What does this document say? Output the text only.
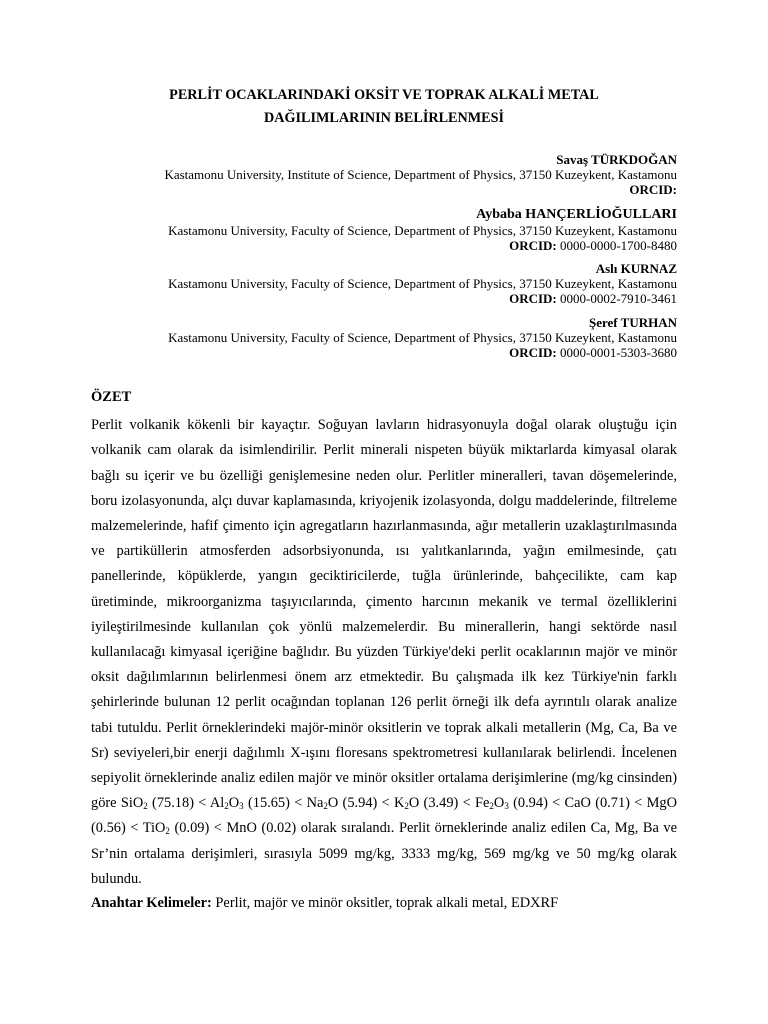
PERLİT OCAKLARINDAKİ OKSİT VE TOPRAK ALKALİ METAL

DAĞILIMLARININ BELİRLENMESİ

Savaş TÜRKDOĞAN

Kastamonu University, Institute of Science, Department of Physics, 37150 Kuzeykent, Kastamonu

ORCID:

Aybaba HANÇERLİOĞULLARI

Kastamonu University, Faculty of Science, Department of Physics, 37150 Kuzeykent, Kastamonu

ORCID: 0000-0000-1700-8480

Aslı KURNAZ

Kastamonu University, Faculty of Science, Department of Physics, 37150 Kuzeykent, Kastamonu

ORCID: 0000-0002-7910-3461

Şeref TURHAN

Kastamonu University, Faculty of Science, Department of Physics, 37150 Kuzeykent, Kastamonu

ORCID: 0000-0001-5303-3680

ÖZET

Perlit volkanik kökenli bir kayaçtır. Soğuyan lavların hidrasyonuyla doğal olarak oluştuğu için volkanik cam olarak da isimlendirilir. Perlit minerali nispeten büyük miktarlarda kimyasal olarak bağlı su içerir ve bu özelliği genişlemesine neden olur. Perlitler mineralleri, tavan döşemelerinde, boru izolasyonunda, alçı duvar kaplamasında, kriyojenik izolasyonda, dolgu maddelerinde, filtreleme malzemelerinde, hafif çimento için agregatların hazırlanmasında, ağır metallerin uzaklaştırılmasında ve partiküllerin atmosferden adsorbsiyonunda, ısı yalıtkanlarında, yağın emilmesinde, çatı panellerinde, köpüklerde, yangın geciktiricilerde, tuğla ürünlerinde, bahçecilikte, cam kap üretiminde, mikroorganizma taşıyıcılarında, çimento harcının mekanik ve termal özelliklerini iyileştirilmesinde kullanılan çok yönlü malzemelerdir. Bu minerallerin, hangi sektörde nasıl kullanılacağı kimyasal içeriğine bağlıdır. Bu yüzden Türkiye'deki perlit ocaklarının majör ve minör oksit dağılımlarının belirlenmesi önem arz etmektedir. Bu çalışmada ilk kez Türkiye'nin farklı şehirlerinde bulunan 12 perlit ocağından toplanan 126 perlit örneği ilk defa ayrıntılı olarak analize tabi tutuldu. Perlit örneklerindeki majör-minör oksitlerin ve toprak alkali metallerin (Mg, Ca, Ba ve Sr) seviyeleri,bir enerji dağılımlı X-ışını floresans spektrometresi kullanılarak belirlendi. İncelenen sepiyolit örneklerinde analiz edilen majör ve minör oksitler ortalama derişimlerine (mg/kg cinsinden) göre SiO$_2$ $(75.18) < Al_2O_3$ $(15.65) < Na_2O$ $(5.94) < K_2O$ $(3.49) < Fe_2O_3$ (0.94) < CaO (0.71) < MgO (0.56) < TiO$_2$ (0.09) < MnO (0.02) olarak sıralandı. Perlit örneklerinde analiz edilen Ca, Mg, Ba ve Sr’nin ortalama derişimleri, sırasıyla 5099 mg/kg, 3333 mg/kg, 569 mg/kg ve 50 mg/kg olarak bulundu.

Anahtar Kelimeler: Perlit, majör ve minör oksitler, toprak alkali metal, EDXRF
